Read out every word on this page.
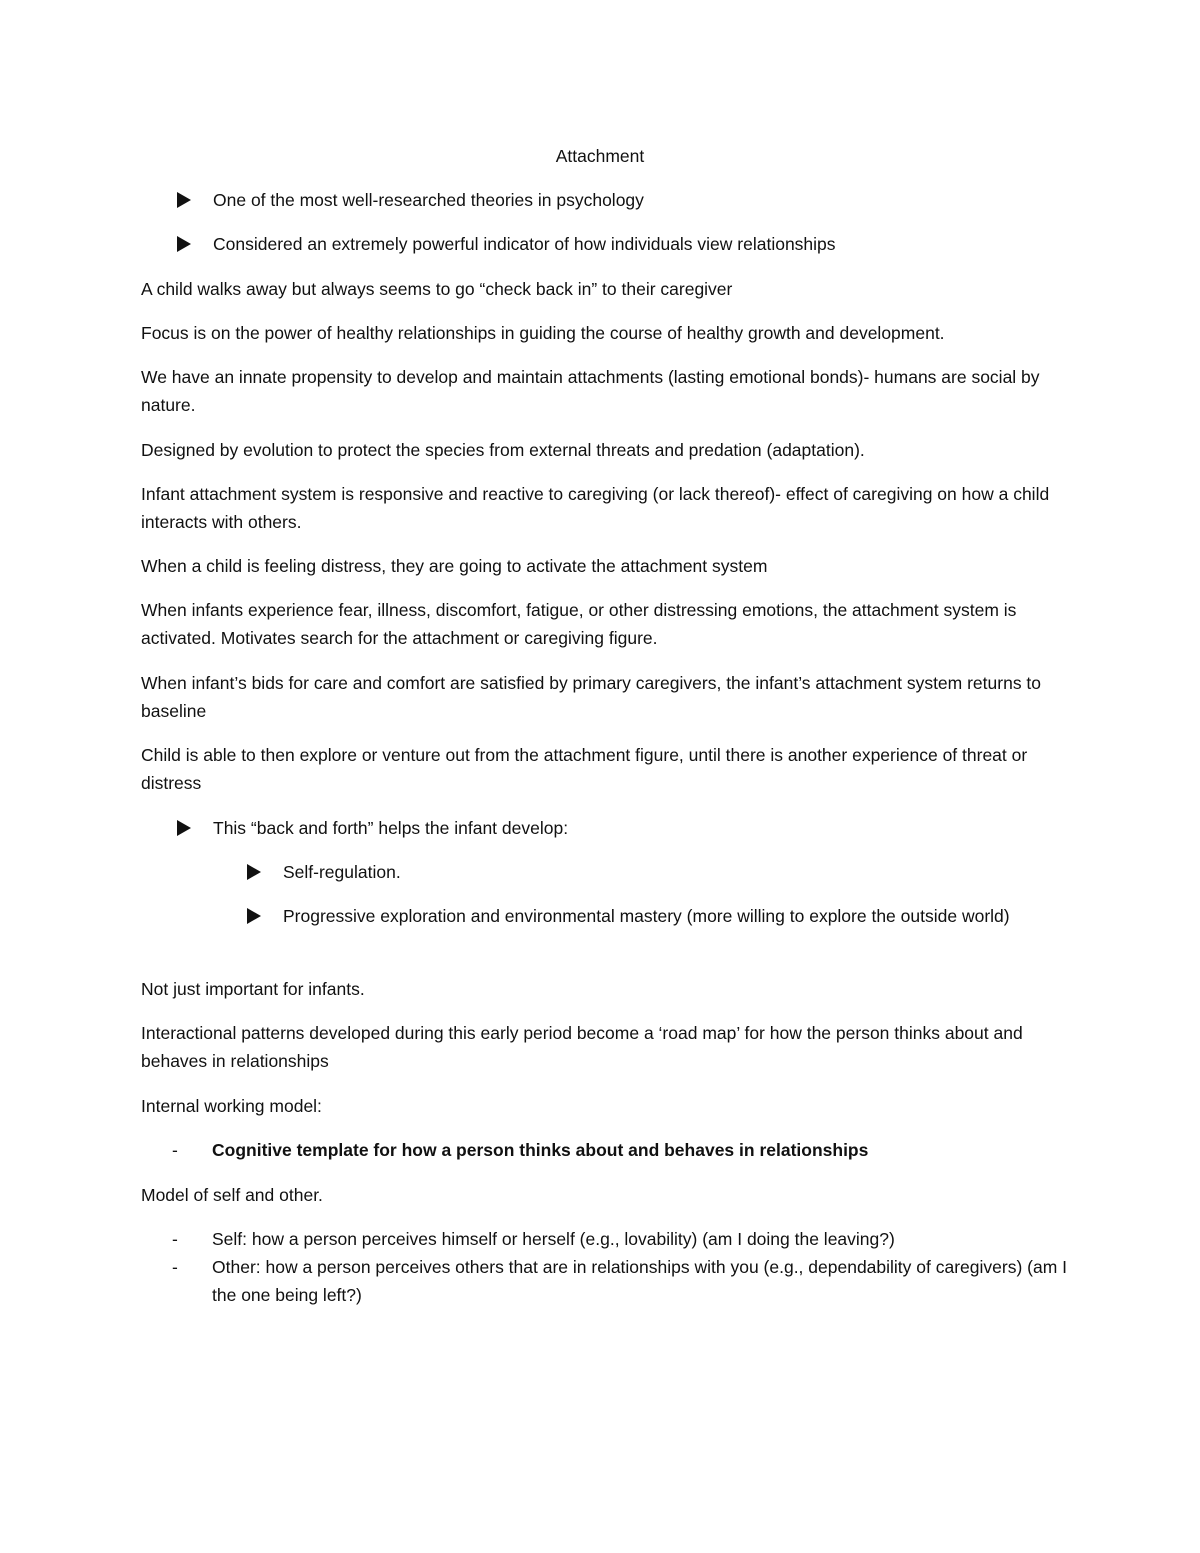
Attachment
One of the most well-researched theories in psychology
Considered an extremely powerful indicator of how individuals view relationships

A child walks away but always seems to go “check back in” to their caregiver

Focus is on the power of healthy relationships in guiding the course of healthy growth and development.

We have an innate propensity to develop and maintain attachments (lasting emotional bonds)- humans are social by nature.

Designed by evolution to protect the species from external threats and predation (adaptation).

Infant attachment system is responsive and reactive to caregiving (or lack thereof)- effect of caregiving on how a child interacts with others.

When a child is feeling distress, they are going to activate the attachment system

When infants experience fear, illness, discomfort, fatigue, or other distressing emotions, the attachment system is activated. Motivates search for the attachment or caregiving figure.

When infant’s bids for care and comfort are satisfied by primary caregivers, the infant’s attachment system returns to baseline

Child is able to then explore or venture out from the attachment figure, until there is another experience of threat or distress

This “back and forth” helps the infant develop:
Self-regulation.
Progressive exploration and environmental mastery (more willing to explore the outside world)

Not just important for infants.

Interactional patterns developed during this early period become a ‘road map’ for how the person thinks about and behaves in relationships

Internal working model:

-	Cognitive template for how a person thinks about and behaves in relationships

Model of self and other.

-	Self: how a person perceives himself or herself (e.g., lovability) (am I doing the leaving?)
-	Other: how a person perceives others that are in relationships with you (e.g., dependability of caregivers) (am I the one being left?)
